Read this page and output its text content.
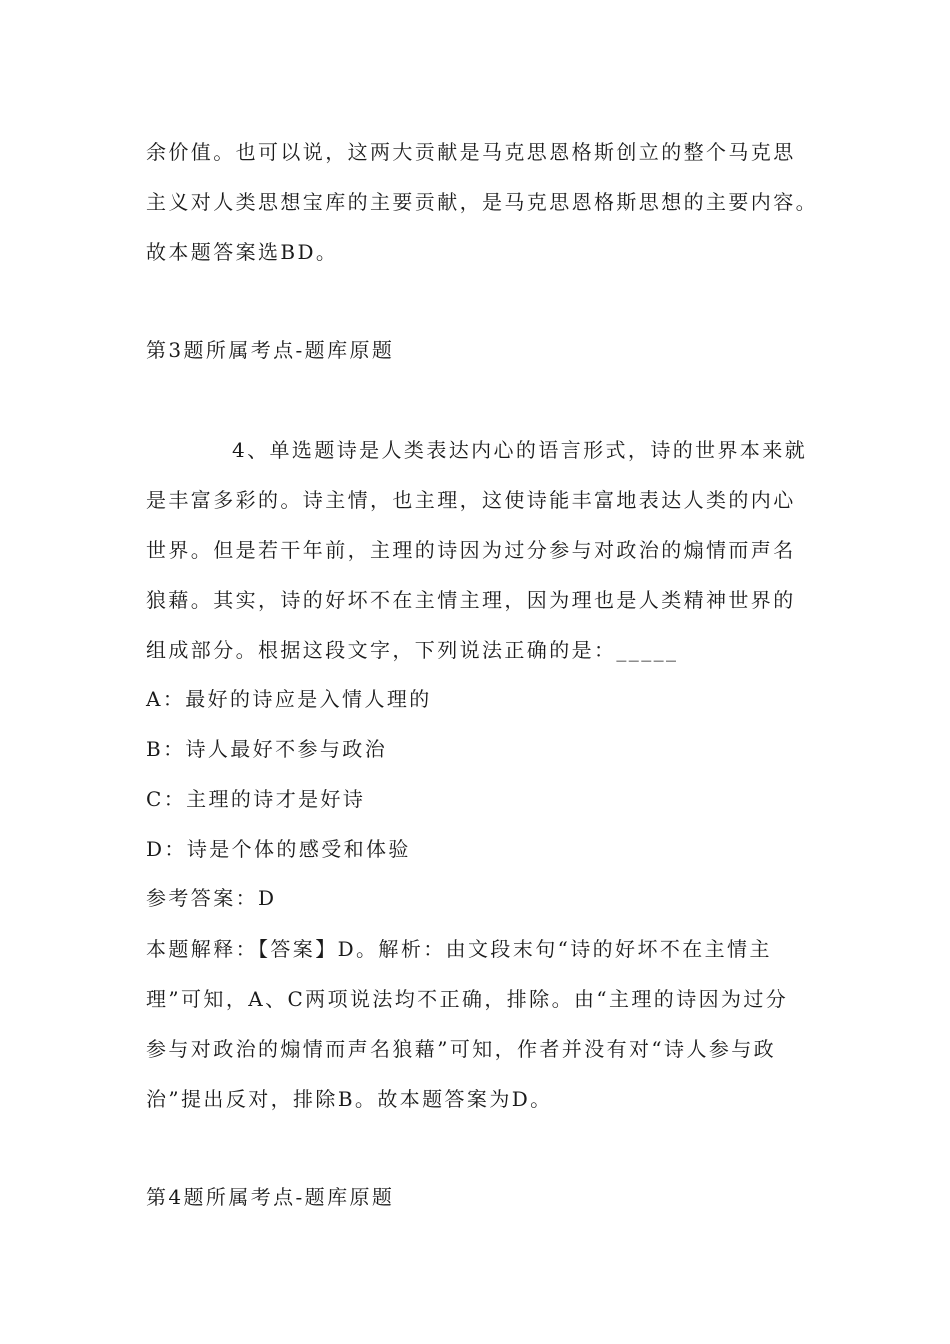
余价值。也可以说，这两大贡献是马克思恩格斯创立的整个马克思
主义对人类思想宝库的主要贡献，是马克思恩格斯思想的主要内容。
故本题答案选BD。
第3题所属考点-题库原题
4、单选题诗是人类表达内心的语言形式，诗的世界本来就
是丰富多彩的。诗主情，也主理，这使诗能丰富地表达人类的内心
世界。但是若干年前，主理的诗因为过分参与对政治的煽情而声名
狼藉。其实，诗的好坏不在主情主理，因为理也是人类精神世界的
组成部分。根据这段文字，下列说法正确的是：_____
A：最好的诗应是入情人理的
B：诗人最好不参与政治
C：主理的诗才是好诗
D：诗是个体的感受和体验
参考答案：D
本题解释：【答案】D。解析：由文段末句“诗的好坏不在主情主
理”可知，A、C两项说法均不正确，排除。由“主理的诗因为过分
参与对政治的煽情而声名狼藉”可知，作者并没有对“诗人参与政
治”提出反对，排除B。故本题答案为D。
第4题所属考点-题库原题
